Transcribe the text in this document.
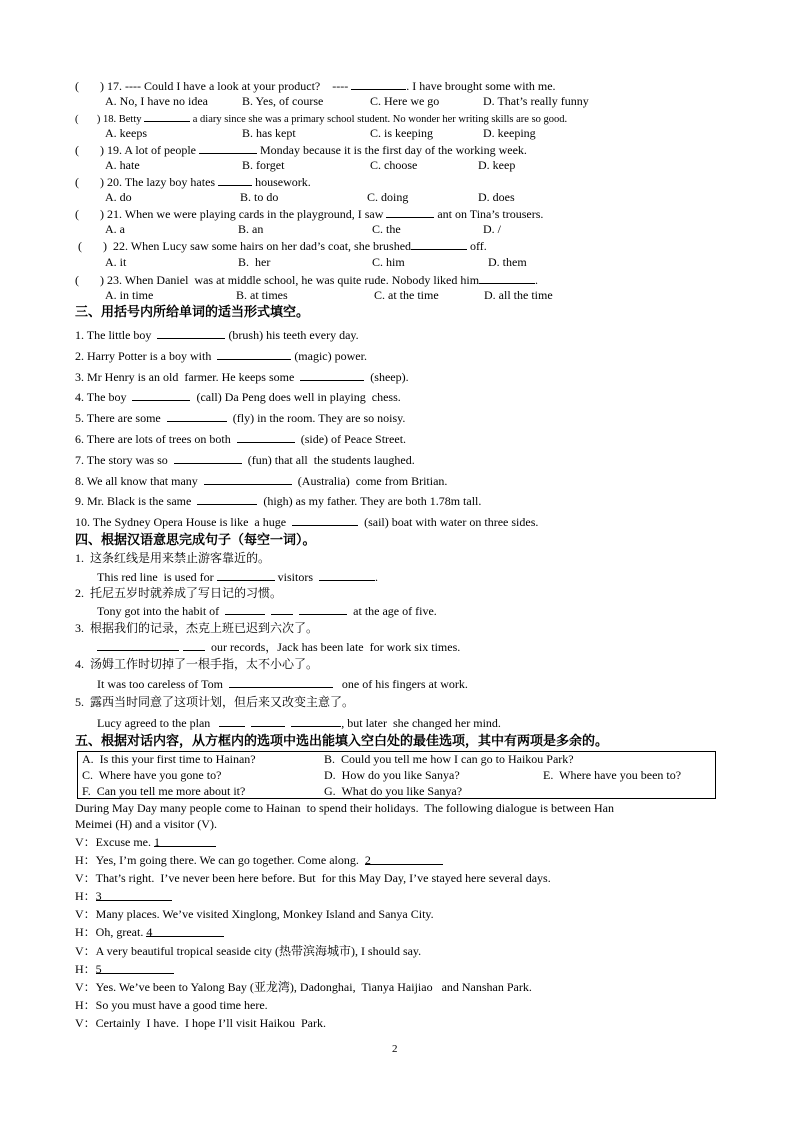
(       ) 17. ---- Could I have a look at your product?    ----	. I have brought some with me.
A. No, I have no idea	B. Yes, of course	C. Here we go	D. That’s really funny
(       ) 18. Betty	a diary since she was a primary school student. No wonder her writing skills are so good.
A. keeps	B. has kept	C. is keeping	D. keeping
(       ) 19. A lot of people	Monday because it is the first day of the working week.
A. hate	B. forget	C. choose	D. keep
(       ) 20. The lazy boy hates	housework.
A. do	B. to do	C. doing	D. does
(       ) 21. When we were playing cards in the playground, I saw	ant on Tina’s trousers.
A. a	B. an	C. the	D. /
(       )  22. When Lucy saw some hairs on her dad’s coat, she brushed	off.
A. it	B.  her	C. him	D. them
(       ) 23. When Daniel  was at middle school, he was quite rude. Nobody liked him	.
A. in time	B. at times	C. at the time	D. all the time
三、用括号内所给单词的适当形式填空。
1. The little boy	(brush) his teeth every day.
2. Harry Potter is a boy with	(magic) power.
3. Mr Henry is an old  farmer. He keeps some	(sheep).
4. The boy	(call) Da Peng does well in playing  chess.
5. There are some	(fly) in the room. They are so noisy.
6. There are lots of trees on both	(side) of Peace Street.
7. The story was so	(fun) that all  the students laughed.
8. We all know that many	(Australia)  come from Britian.
9. Mr. Black is the same	(high) as my father. They are both 1.78m tall.
10. The Sydney Opera House is like  a huge	(sail) boat with water on three sides.
四、根据汉语意思完成句子（每空一词）。
1.  这条红线是用来禁止游客靠近的。
This red line  is used for	visitors	.
2.  托尼五岁时就养成了写日记的习惯。
Tony got into the habit of	at the age of five.
3.  根据我们的记录，杰克上班已迟到六次了。
our records，Jack has been late  for work six times.
4.  汤姆工作时切掉了一根手指，太不小心了。
It was too careless of Tom	one of his fingers at work.
5.  露西当时同意了这项计划，但后来又改变主意了。
Lucy agreed to the plan	, but later  she changed her mind.
五、根据对话内容，从方框内的选项中选出能填入空白处的最佳选项，其中有两项是多余的。
A.  Is this your first time to Hainan?	B.  Could you tell me how I can go to Haikou Park?
C.  Where have you gone to?	D.  How do you like Sanya?	E.  Where have you been to?
F.  Can you tell me more about it?	G.  What do you like Sanya?
During May Day many people come to Hainan  to spend their holidays.  The following dialogue is between Han
Meimei (H) and a visitor (V).
V：Excuse me. 1
H：Yes, I’m going there. We can go together. Come along.  2
V：That’s right.  I’ve never been here before. But  for this May Day, I’ve stayed here several days.
H：3
V：Many places. We’ve visited Xinglong, Monkey Island and Sanya City.
H：Oh, great. 4
V：A very beautiful tropical seaside city (热带滨海城市), I should say.
H：5
V：Yes. We’ve been to Yalong Bay (亚龙湾), Dadonghai,  Tianya Haijiao   and Nanshan Park.
H：So you must have a good time here.
V：Certainly  I have.  I hope I’ll visit Haikou  Park.
2
